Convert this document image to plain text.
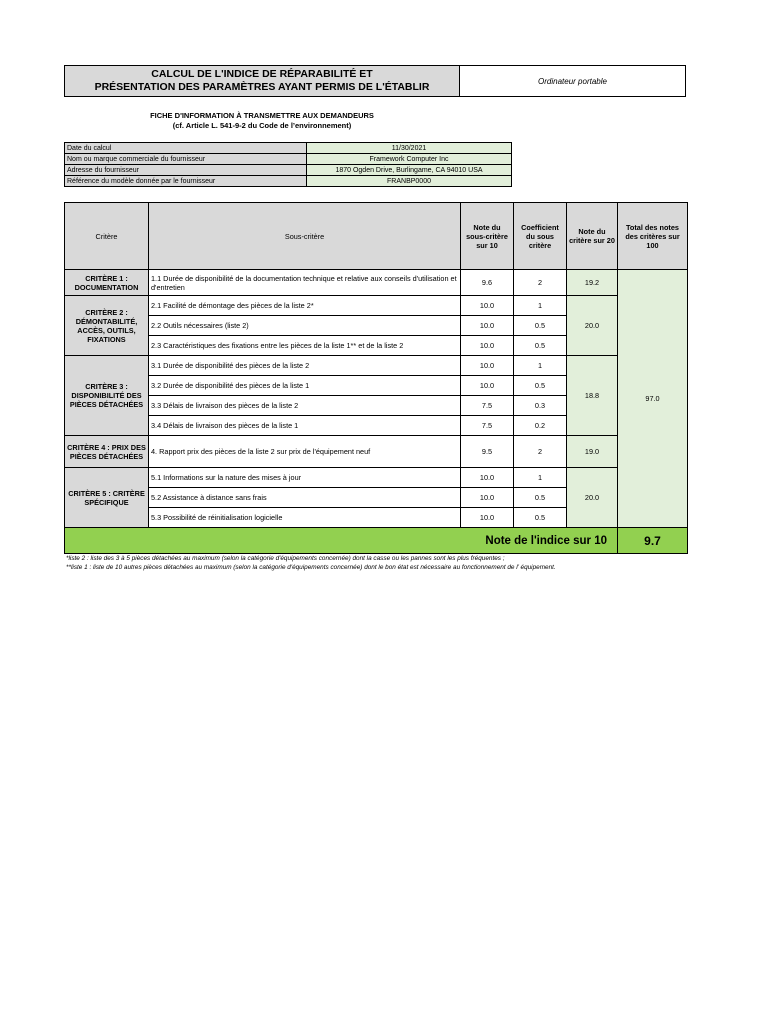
CALCUL DE L'INDICE DE RÉPARABILITÉ ET
PRÉSENTATION DES PARAMÈTRES AYANT PERMIS DE L'ÉTABLIR	Ordinateur portable
FICHE D'INFORMATION À TRANSMETTRE AUX DEMANDEURS
(cf. Article L. 541-9-2 du Code de l’environnement)
Date du calcul	11/30/2021
Nom ou marque commerciale du fournisseur	Framework Computer Inc
Adresse du fournisseur	1870 Ogden Drive, Burlingame, CA 94010 USA
Référence du modèle donnée par le fournisseur	FRANBP0000
Critère	Sous-critère	Note du sous-critère sur 10	Coefficient du sous critère	Note du critère sur 20	Total des notes des critères sur 100
CRITÈRE 1 : DOCUMENTATION	1.1 Durée de disponibilité de la documentation technique et relative aux conseils d'utilisation et d'entretien	9.6	2	19.2	97.0
CRITÈRE 2 : DÉMONTABILITÉ, ACCÈS, OUTILS, FIXATIONS	2.1 Facilité de démontage des pièces de la liste 2*	10.0	1	20.0	
	2.2 Outils nécessaires (liste 2)	10.0	0.5		
	2.3 Caractéristiques des fixations entre les pièces de la liste 1** et de la liste 2	10.0	0.5		
CRITÈRE 3 : DISPONIBILITÉ DES PIÈCES DÉTACHÉES	3.1 Durée de disponibilité des pièces de la liste 2	10.0	1	18.8	
	3.2 Durée de disponibilité des pièces de la liste 1	10.0	0.5		
	3.3 Délais de livraison des pièces de la liste 2	7.5	0.3		
	3.4 Délais de livraison des pièces de la liste 1	7.5	0.2		
CRITÈRE 4 : PRIX DES PIÈCES DÉTACHÉES	4. Rapport prix des pièces de la liste 2 sur prix de l'équipement neuf	9.5	2	19.0	
CRITÈRE 5 : CRITÈRE SPÉCIFIQUE	5.1 Informations sur la nature des mises à jour	10.0	1	20.0	
	5.2 Assistance à distance sans frais	10.0	0.5		
	5.3 Possibilité de réinitialisation logicielle	10.0	0.5		
Note de l'indice sur 10					9.7
*liste 2 : liste des 3 à 5 pièces détachées au maximum (selon la catégorie d'équipements concernée) dont la casse ou les pannes sont les plus fréquentes ;
**liste 1 : liste de 10 autres pièces détachées au maximum (selon la catégorie d'équipements concernée) dont le bon état est nécessaire au fonctionnement de l’ équipement.
